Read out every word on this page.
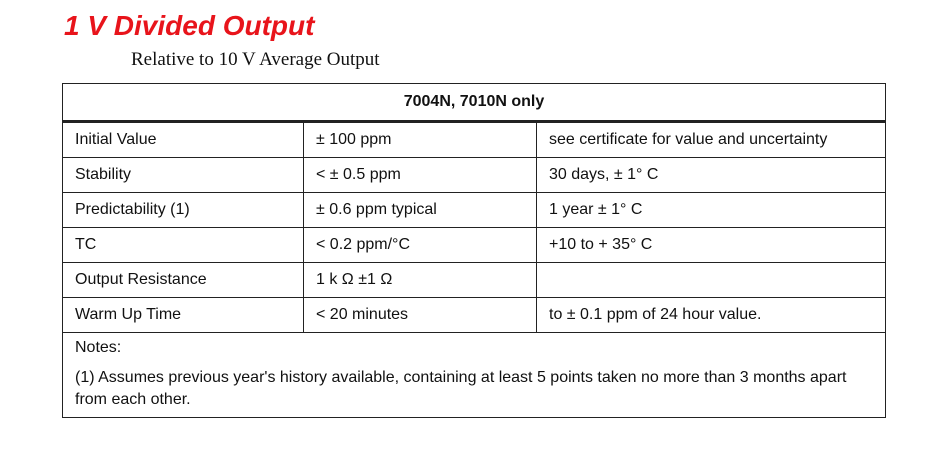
1 V Divided Output

Relative to 10 V Average Output

7004N, 7010N only		
Initial Value	± 100 ppm	see certificate for value and uncertainty
Stability	< ± 0.5 ppm	30 days, ± 1° C
Predictability (1)	± 0.6 ppm typical	1 year ± 1° C
TC	< 0.2 ppm/°C	+10 to + 35° C
Output Resistance	1 k Ω ±1 Ω	
Warm Up Time	< 20 minutes	to ± 0.1 ppm of 24 hour value.

Notes:
(1) Assumes previous year's history available, containing at least 5 points taken no more than 3 months apart from each other.		
